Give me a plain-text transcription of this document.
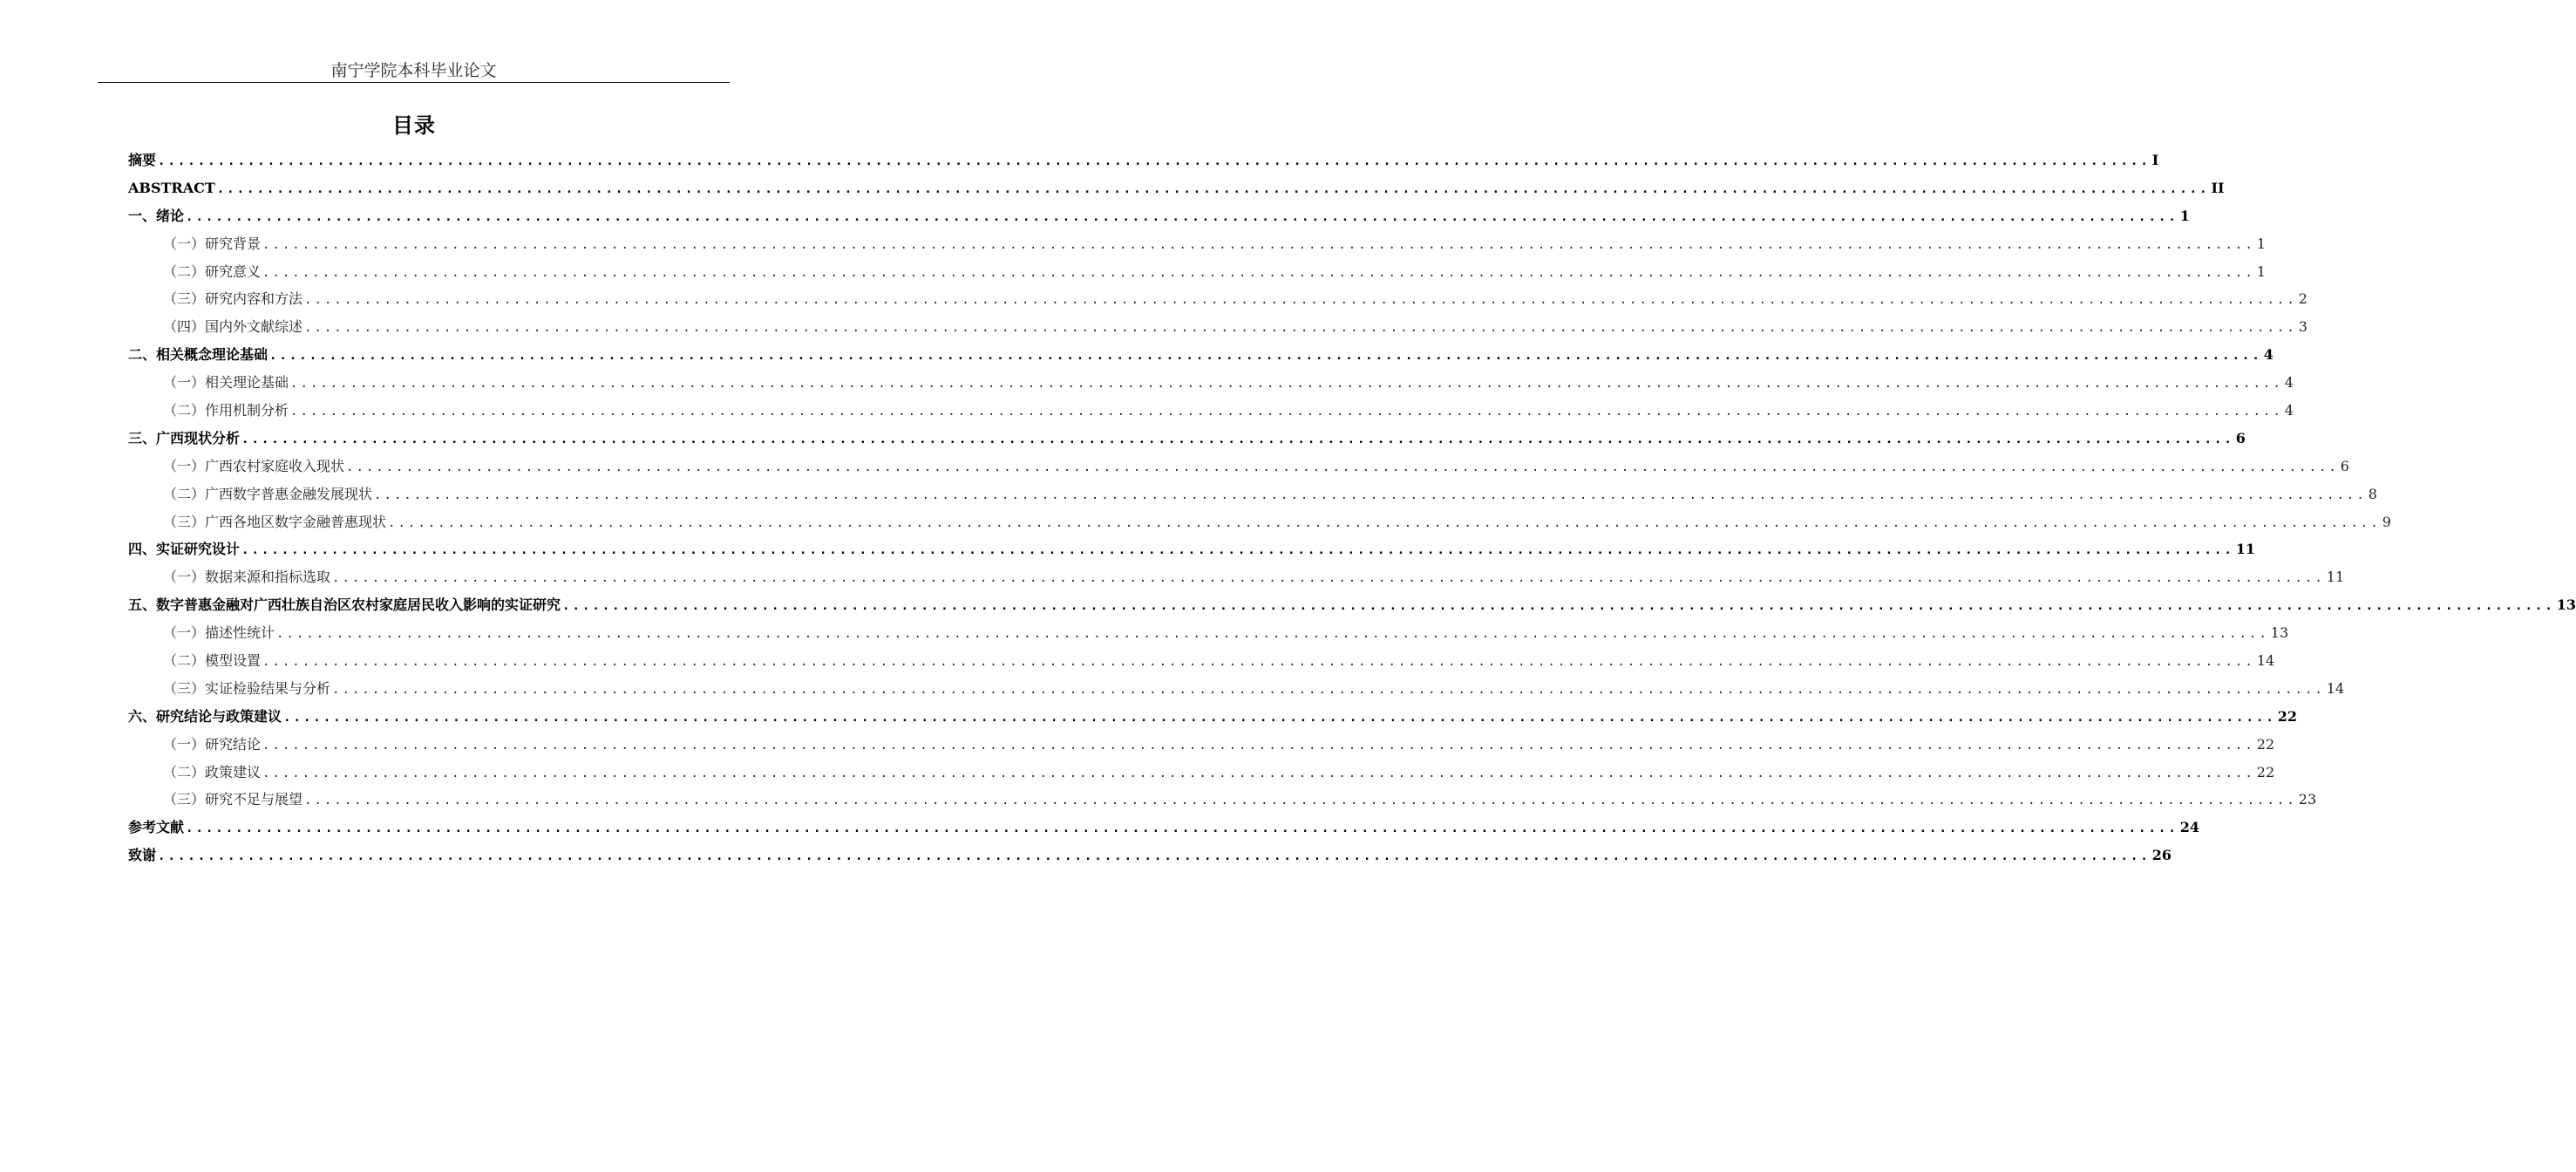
南宁学院本科毕业论文
目录
摘要 ........................................................................................................................................................................................................ I
ABSTRACT ........................................................................................................................................................................................................ II
一、绪论 ........................................................................................................................................................................................................ 1
（一）研究背景 ........................................................................................................................................................................................................ 1
（二）研究意义 ........................................................................................................................................................................................................ 1
（三）研究内容和方法 ........................................................................................................................................................................................................ 2
（四）国内外文献综述 ........................................................................................................................................................................................................ 3
二、相关概念理论基础 ........................................................................................................................................................................................................ 4
（一）相关理论基础 ........................................................................................................................................................................................................ 4
（二）作用机制分析 ........................................................................................................................................................................................................ 4
三、广西现状分析 ........................................................................................................................................................................................................ 6
（一）广西农村家庭收入现状 ........................................................................................................................................................................................................ 6
（二）广西数字普惠金融发展现状 ........................................................................................................................................................................................................ 8
（三）广西各地区数字金融普惠现状 ........................................................................................................................................................................................................ 9
四、实证研究设计 ........................................................................................................................................................................................................ 11
（一）数据来源和指标选取 ........................................................................................................................................................................................................ 11
五、数字普惠金融对广西壮族自治区农村家庭居民收入影响的实证研究 ........................................................................................................................................................................................................ 13
（一）描述性统计 ........................................................................................................................................................................................................ 13
（二）模型设置 ........................................................................................................................................................................................................ 14
（三）实证检验结果与分析 ........................................................................................................................................................................................................ 14
六、研究结论与政策建议 ........................................................................................................................................................................................................ 22
（一）研究结论 ........................................................................................................................................................................................................ 22
（二）政策建议 ........................................................................................................................................................................................................ 22
（三）研究不足与展望 ........................................................................................................................................................................................................ 23
参考文献 ........................................................................................................................................................................................................ 24
致谢 ........................................................................................................................................................................................................ 26
